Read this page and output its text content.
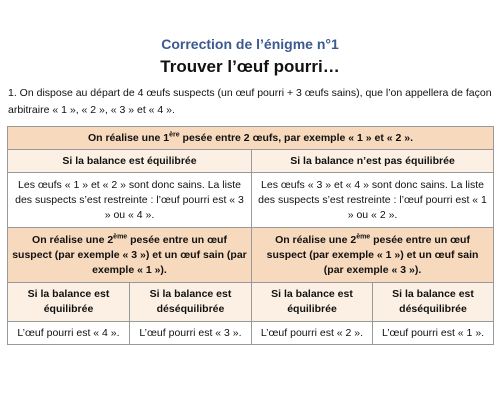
Correction de l’énigme n°1
Trouver l’œuf pourri…
1. On dispose au départ de 4 œufs suspects (un œuf pourri + 3 œufs sains), que l’on appellera de façon arbitraire « 1 », « 2 », « 3 » et « 4 ».
On réalise une 1ère pesée entre 2 œufs, par exemple « 1 » et « 2 ».			
Si la balance est équilibrée		Si la balance n’est pas équilibrée	
Les œufs « 1 » et « 2 » sont donc sains. La liste des suspects s’est restreinte : l’œuf pourri est « 3 » ou « 4 ».		Les œufs « 3 » et « 4 » sont donc sains. La liste des suspects s’est restreinte : l’œuf pourri est « 1 » ou « 2 ».	
On réalise une 2ème pesée entre un œuf suspect (par exemple « 3 ») et un œuf sain (par exemple « 1 »).		On réalise une 2ème pesée entre un œuf suspect (par exemple « 1 ») et un œuf sain (par exemple « 3 »).	
Si la balance est équilibrée	Si la balance est déséquilibrée	Si la balance est équilibrée	Si la balance est déséquilibrée
L’œuf pourri est « 4 ».	L’œuf pourri est « 3 ».	L’œuf pourri est « 2 ».	L’œuf pourri est « 1 ».
